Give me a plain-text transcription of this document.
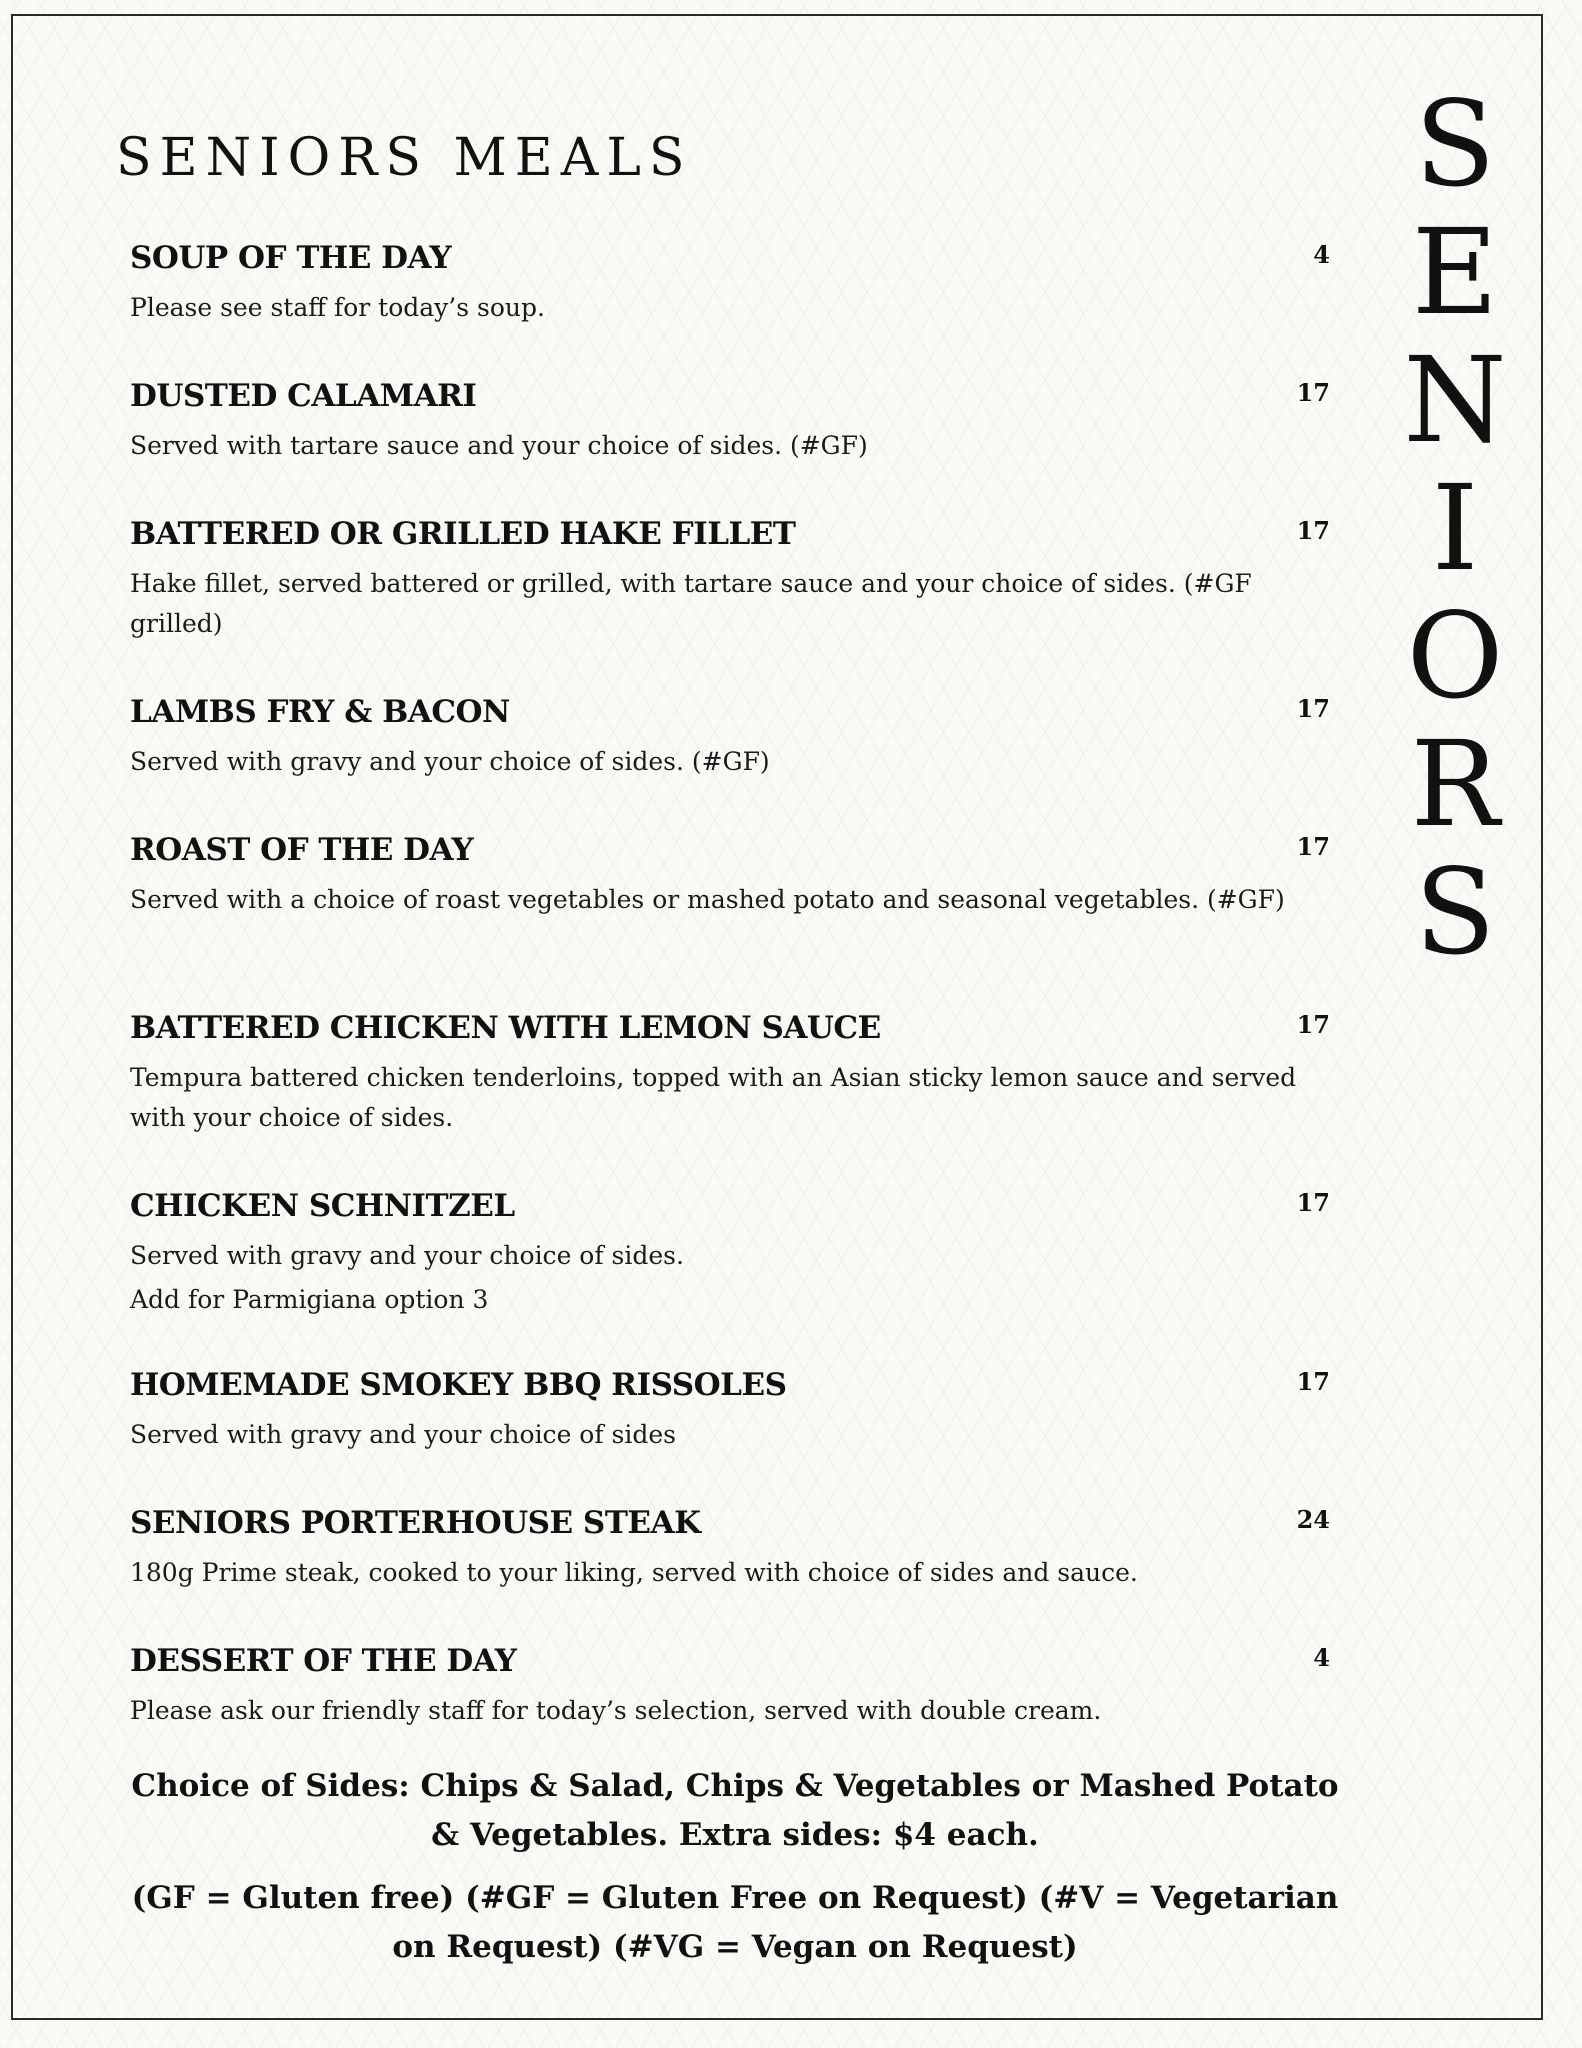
SENIORS MEALS	S
E
N
I
O
R
S
SOUP OF THE DAY	4
Please see staff for today’s soup.
DUSTED CALAMARI	17
Served with tartare sauce and your choice of sides. (#GF)
BATTERED OR GRILLED HAKE FILLET	17
Hake fillet, served battered or grilled, with tartare sauce and your choice of sides. (#GF grilled)
LAMBS FRY & BACON	17
Served with gravy and your choice of sides. (#GF)
ROAST OF THE DAY	17
Served with a choice of roast vegetables or mashed potato and seasonal vegetables. (#GF)
BATTERED CHICKEN WITH LEMON SAUCE	17
Tempura battered chicken tenderloins, topped with an Asian sticky lemon sauce and served with your choice of sides.
CHICKEN SCHNITZEL	17
Served with gravy and your choice of sides.
Add for Parmigiana option 3
HOMEMADE SMOKEY BBQ RISSOLES	17
Served with gravy and your choice of sides
SENIORS PORTERHOUSE STEAK	24
180g Prime steak, cooked to your liking, served with choice of sides and sauce.
DESSERT OF THE DAY	4
Please ask our friendly staff for today’s selection, served with double cream.

Choice of Sides: Chips & Salad, Chips & Vegetables or Mashed Potato & Vegetables. Extra sides: $4 each.

(GF = Gluten free) (#GF = Gluten Free on Request) (#V = Vegetarian on Request) (#VG = Vegan on Request)
